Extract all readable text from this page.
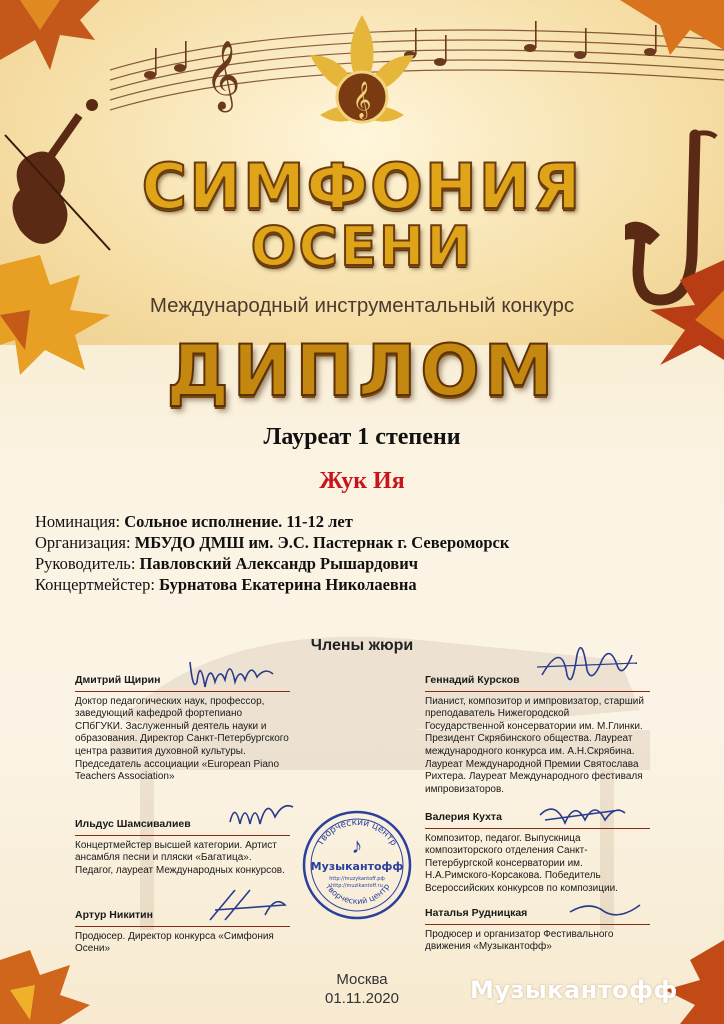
𝄞	𝄞
СИМФОНИЯ
ОСЕНИ

Международный инструментальный конкурс

ДИПЛОМ

Лауреат 1 степени

Жук Ия

Номинация: Сольное исполнение. 11-12 лет
Организация: МБУДО ДМШ им. Э.С. Пастернак г. Североморск
Руководитель: Павловский Александр Рышардович
Концертмейстер: Бурнатова Екатерина Николаевна

Члены жюри

Дмитрий Щирин
Доктор педагогических наук, профессор, заведующий кафедрой фортепиано СПбГУКИ. Заслуженный деятель науки и образования. Директор Санкт-Петербургского центра развития духовной культуры. Председатель ассоциации «European Piano Teachers Association»
Ильдус Шамсивалиев
Концертмейстер высшей категории. Артист ансамбля песни и пляски «Багатица». Педагог, лауреат Международных конкурсов.
Артур Никитин
Продюсер. Директор конкурса «Симфония Осени»
Геннадий Курсков
Пианист, композитор и импровизатор, старший преподаватель Нижегородской Государственной консерватории им. М.Глинки. Президент Скрябинского общества. Лауреат международного конкурса им. А.Н.Скрябина. Лауреат Международной Премии Святослава Рихтера. Лауреат Международного фестиваля импровизаторов.
Валерия Кухта
Композитор, педагог. Выпускница композиторского отделения Санкт-Петербургской консерватории им. Н.А.Римского-Корсакова. Победитель Всероссийских конкурсов по композиции.
Наталья Рудницкая
Продюсер и организатор Фестивального движения «Музыкантофф»
Творческий центр
творческий центр
♪
Музыкантофф
http://muzykantoff.рф
http://muzikantoff.ru
Москва
01.11.2020	Музыкантофф
